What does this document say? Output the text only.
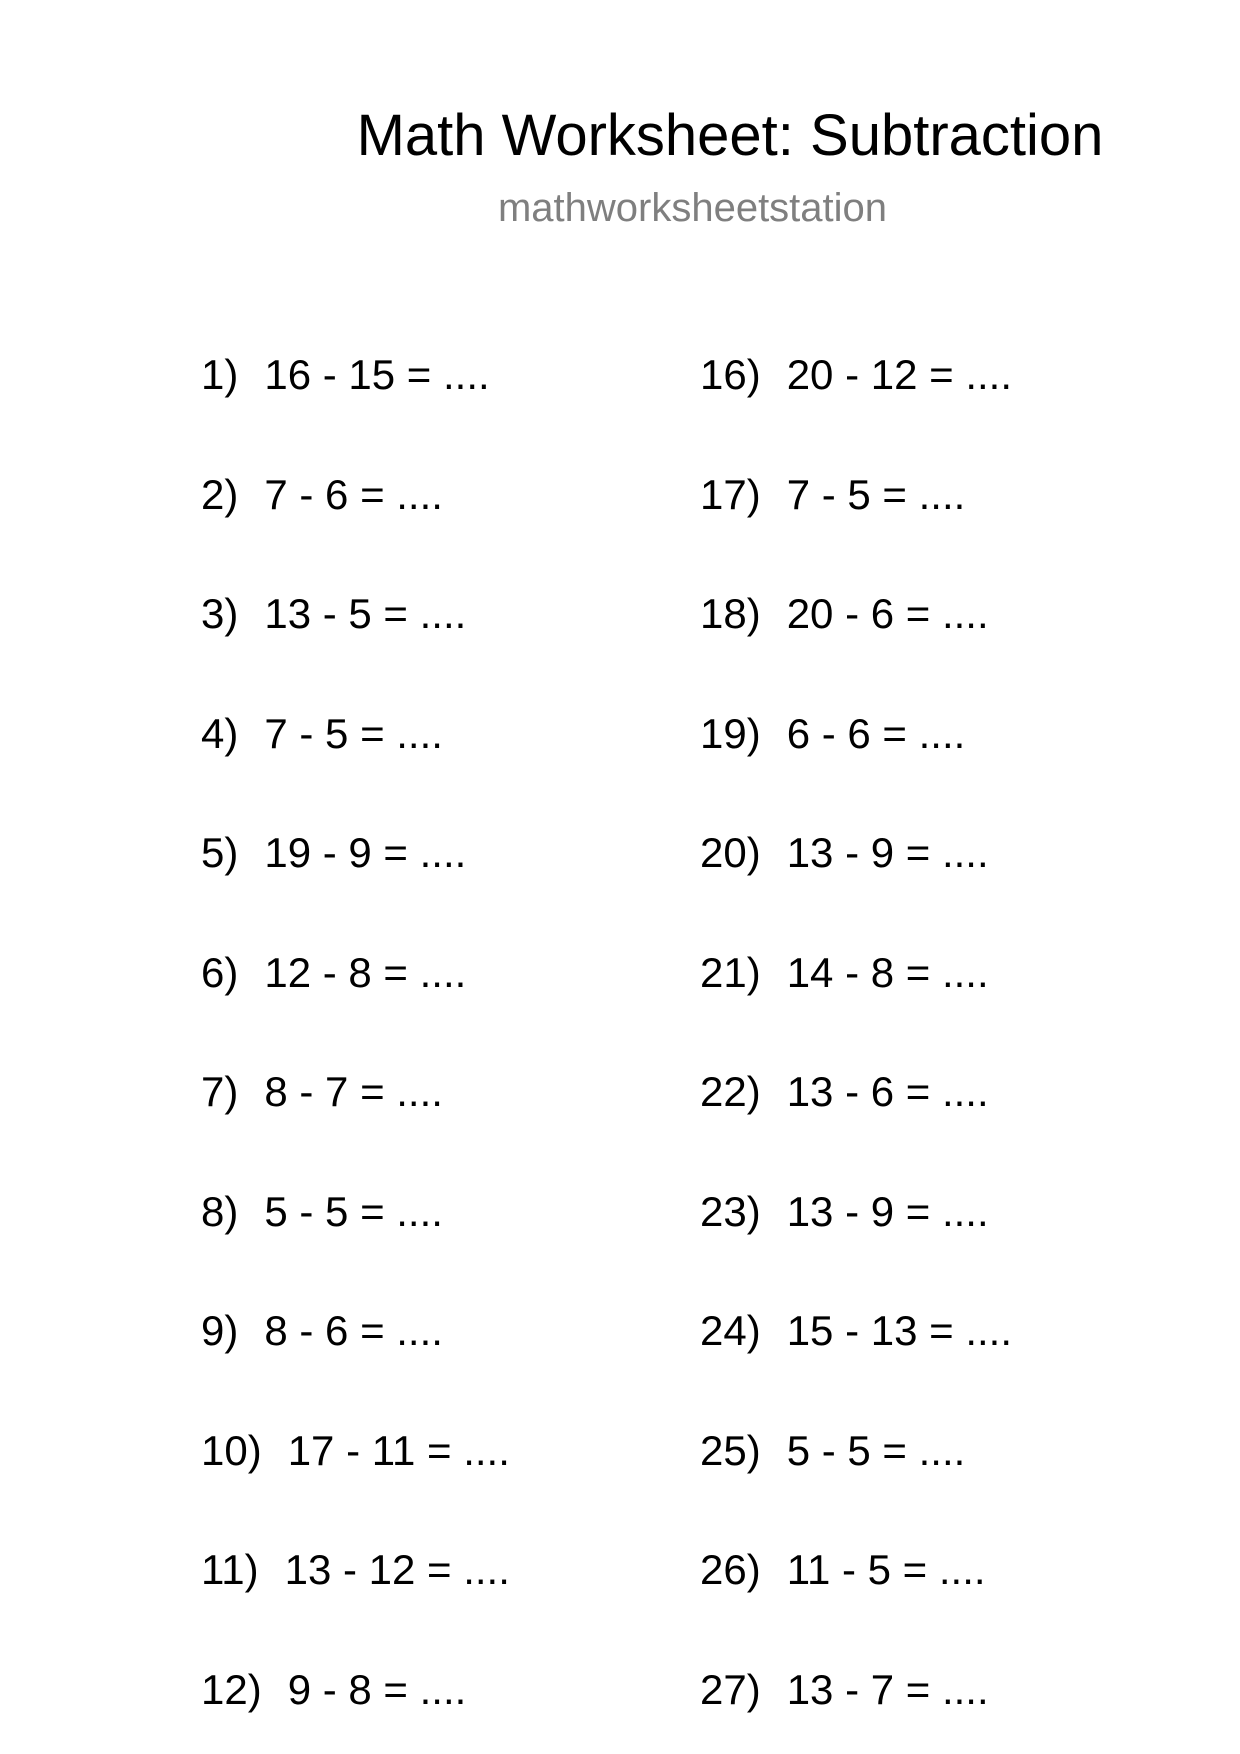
Math Worksheet: Subtraction
mathworksheetstation
1) 16 - 15 = ....
2) 7 - 6 = ....
3) 13 - 5 = ....
4) 7 - 5 = ....
5) 19 - 9 = ....
6) 12 - 8 = ....
7) 8 - 7 = ....
8) 5 - 5 = ....
9) 8 - 6 = ....
10) 17 - 11 = ....
11) 13 - 12 = ....
12) 9 - 8 = ....
16) 20 - 12 = ....
17) 7 - 5 = ....
18) 20 - 6 = ....
19) 6 - 6 = ....
20) 13 - 9 = ....
21) 14 - 8 = ....
22) 13 - 6 = ....
23) 13 - 9 = ....
24) 15 - 13 = ....
25) 5 - 5 = ....
26) 11 - 5 = ....
27) 13 - 7 = ....
